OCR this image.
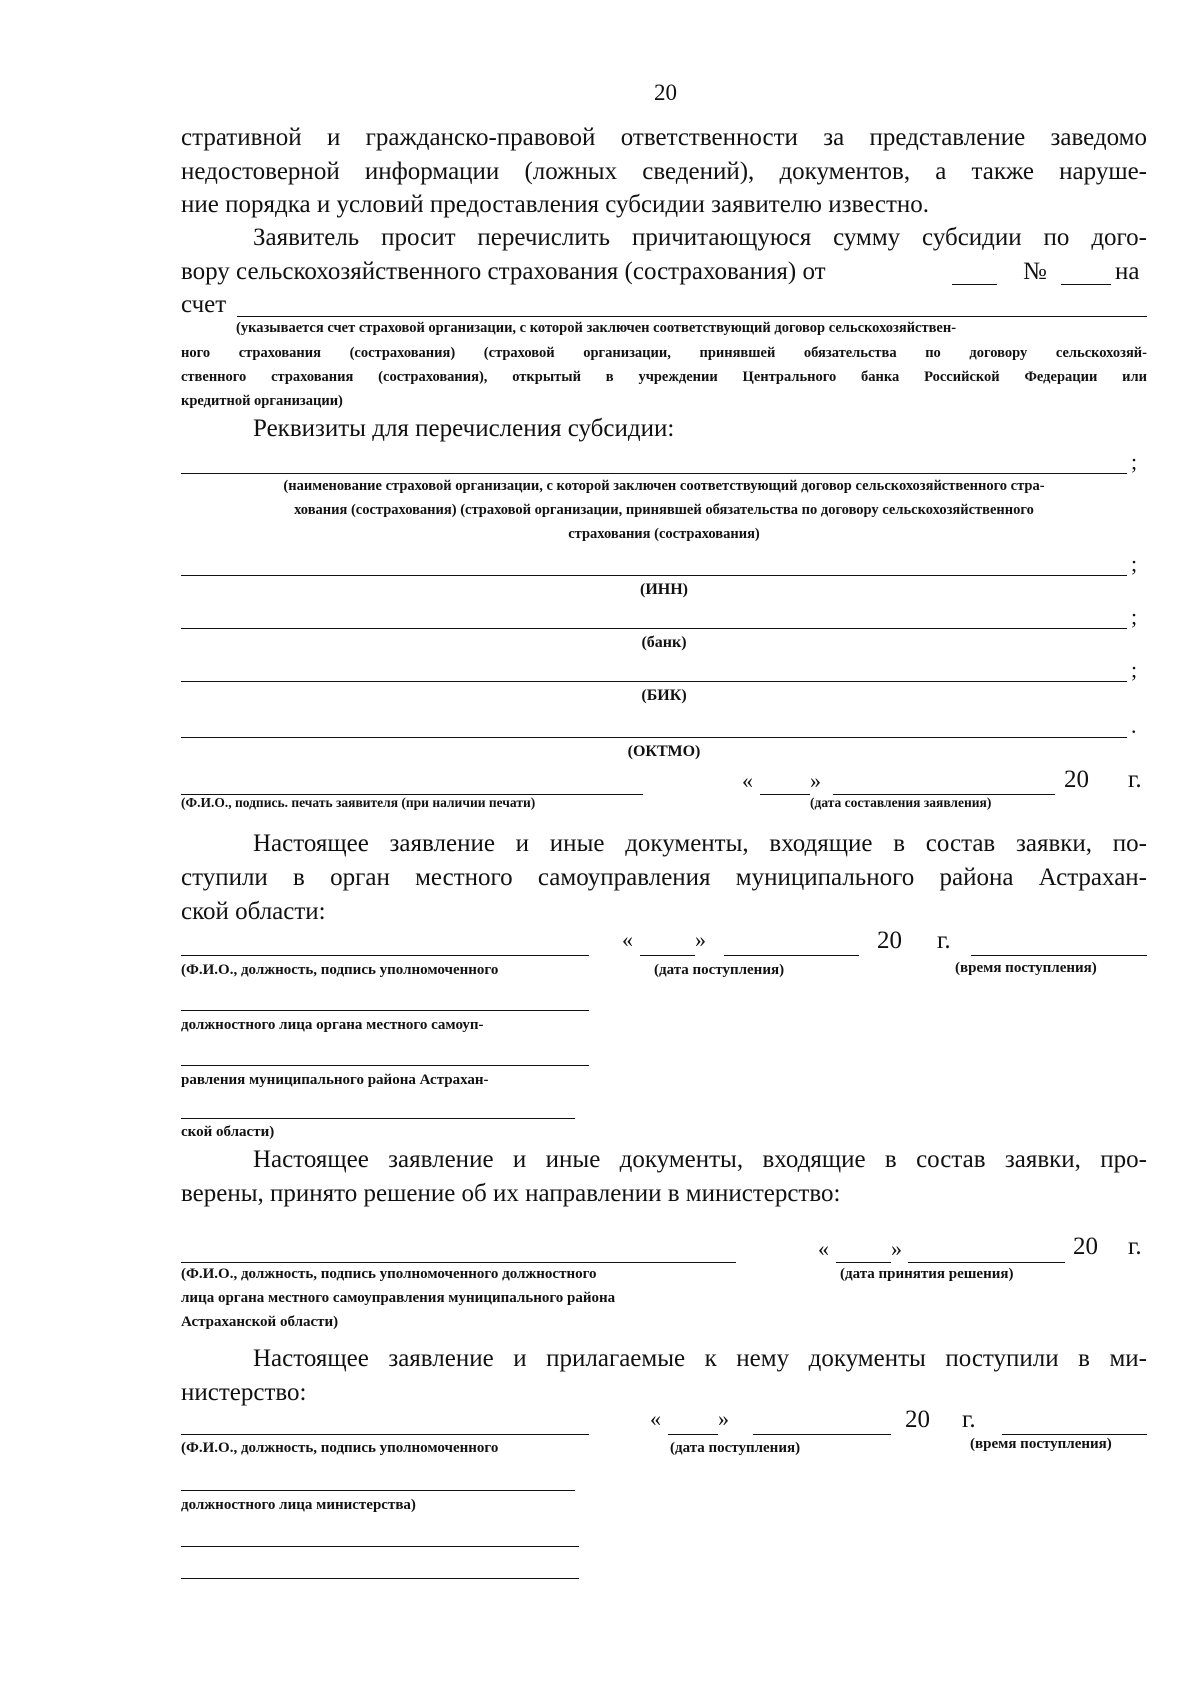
20
стративной и гражданско-правовой ответственности за представление заведомо
недостоверной информации (ложных сведений), документов, а также наруше-
ние порядка и условий предоставления субсидии заявителю известно.
Заявитель просит перечислить причитающуюся сумму субсидии по дого-
вору сельскохозяйственного страхования (сострахования) от	№	на
счет
(указывается счет страховой организации, с которой заключен соответствующий договор сельскохозяйствен-
ного страхования (сострахования) (страховой организации, принявшей обязательства по договору сельскохозяй-
ственного страхования (сострахования), открытый в учреждении Центрального банка Российской Федерации или
кредитной организации)
Реквизиты для перечисления субсидии:
;
(наименование страховой организации, с которой заключен соответствующий договор сельскохозяйственного стра-
хования (сострахования) (страховой организации, принявшей обязательства по договору сельскохозяйственного
страхования (сострахования)
;
(ИНН)
;
(банк)
;
(БИК)
.
(ОКТМО)
(Ф.И.О., подпись. печать заявителя (при наличии печати)
«	»	20 г.
(дата составления заявления)
Настоящее заявление и иные документы, входящие в состав заявки, по-
ступили в орган местного самоуправления муниципального района Астрахан-
ской области:
(Ф.И.О., должность, подпись уполномоченного
«	»	20 г.
(дата поступления)	(время поступления)
должностного лица органа местного самоуп-
равления муниципального района Астрахан-
ской области)
Настоящее заявление и иные документы, входящие в состав заявки, про-
верены, принято решение об их направлении в министерство:
(Ф.И.О., должность, подпись уполномоченного должностного
лица органа местного самоуправления муниципального района
Астраханской области)
«	»	20 г.
(дата принятия решения)
Настоящее заявление и прилагаемые к нему документы поступили в ми-
нистерство:
(Ф.И.О., должность, подпись уполномоченного
«	»	20 г.
(дата поступления)	(время поступления)
должностного лица министерства)
